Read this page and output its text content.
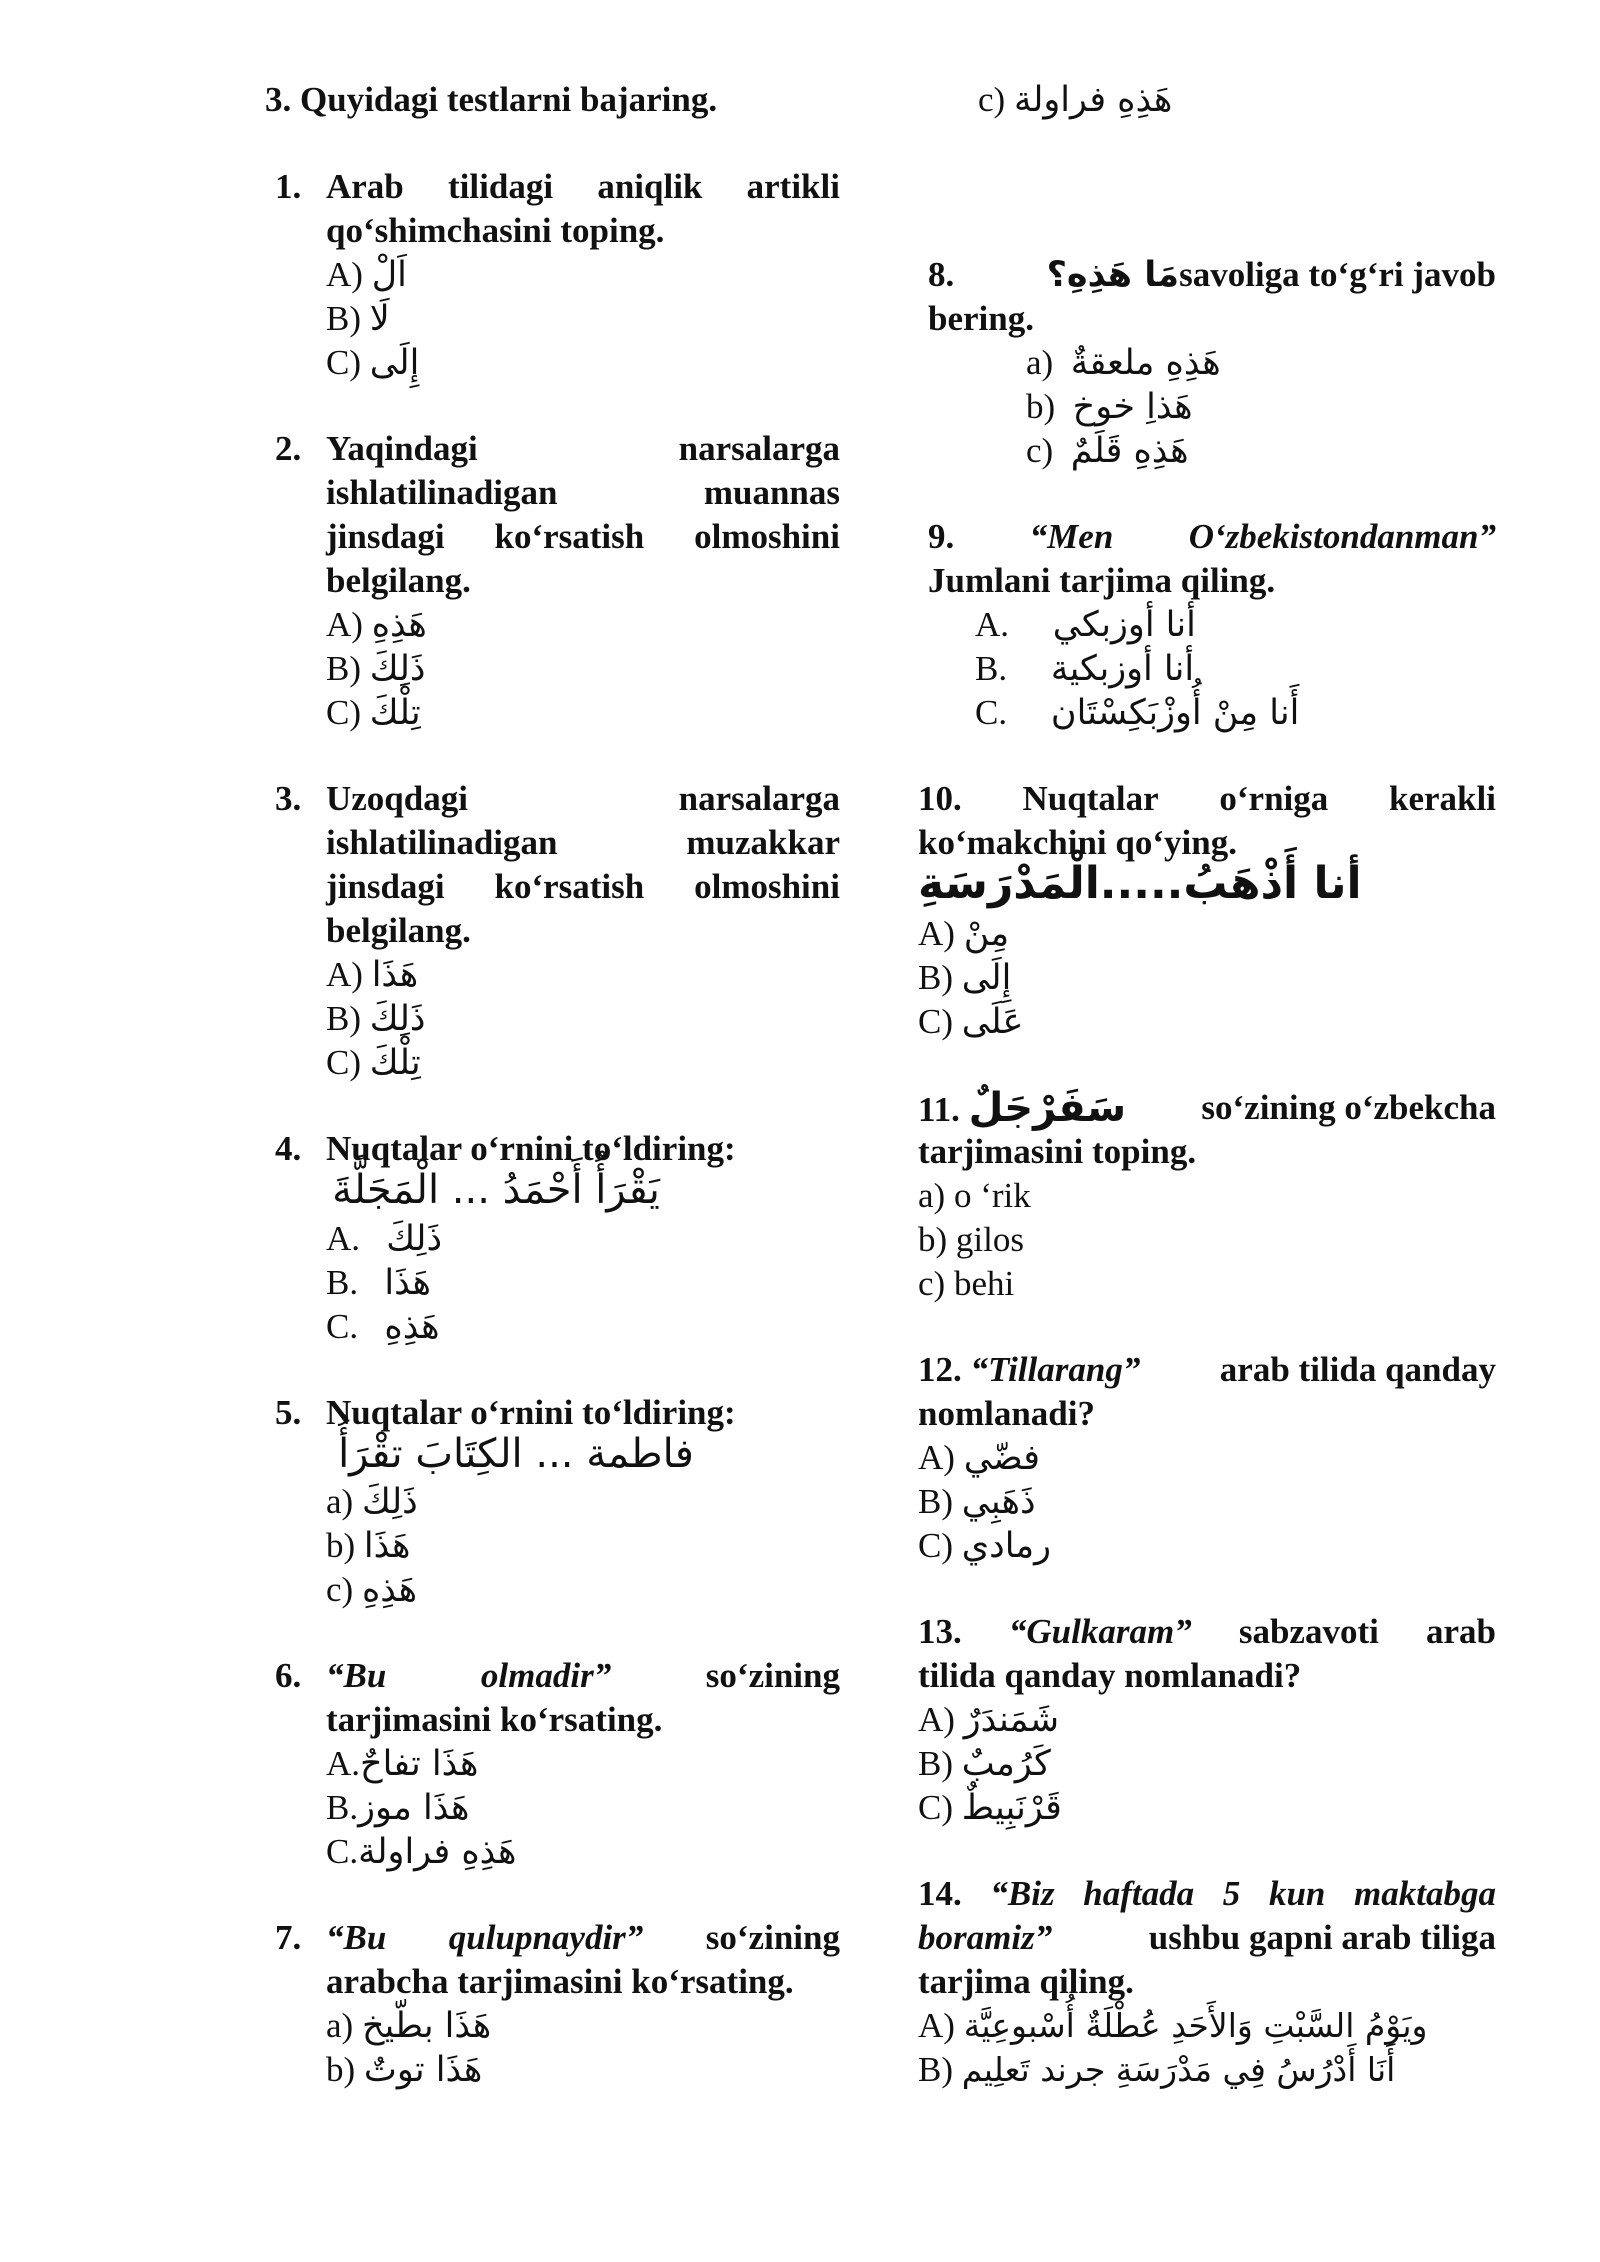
3. Quyidagi testlarni bajaring.
1. Arab tilidagi aniqlik artikli
qo‘shimchasini toping.
A) اَلْ
B) لَا
C) إِلَى
2. Yaqindagi	narsalarga
ishlatilinadigan	muannas
jinsdagi ko‘rsatish olmoshini
belgilang.
A) هَذِهِ
B) ذَلِكَ
C) تِلْكَ
3. Uzoqdagi	narsalarga
ishlatilinadigan	muzakkar
jinsdagi ko‘rsatish olmoshini
belgilang.
A) هَذَا
B) ذَلِكَ
C) تِلْكَ
4. Nuqtalar o‘rnini to‘ldiring:
يَقْرَأُ أَحْمَدُ ... الْمَجَلَّةَ
A. ذَلِكَ
B. هَذَا
C. هَذِهِ
5. Nuqtalar o‘rnini to‘ldiring:
فاطمة ... الكِتَابَ تقْرَأُ
a) ذَلِكَ
b) هَذَا
c) هَذِهِ
6. “Bu	olmadir”	so‘zining
tarjimasini ko‘rsating.
A.هَذَا تفاحٌ
B.هَذَا موز
C.هَذِهِ فراولة
7. “Bu qulupnaydir” so‘zining
arabcha tarjimasini ko‘rsating.
a) هَذَا بطّيخ
b) هَذَا توتٌ
c) هَذِهِ فراولة
8.	مَا هَذِهِ؟savoliga to‘g‘ri javob
bering.
a) هَذِهِ ملعقةٌ
b) هَذاِ خوخ
c) هَذِهِ قَلَمٌ
9. “Men O‘zbekistondanman”
Jumlani tarjima qiling.
A. أنا أوزبكي
B. أنا أوزبكية
C. أَنا مِنْ أُوزْبَكِسْتَان
10. Nuqtalar o‘rniga kerakli
ko‘makchini qo‘ying.
أنا أَذْهَبُ.....الْمَدْرَسَةِ
A) مِنْ
B) إِلَى
C) عَلَى
11. سَفَرْجَلٌ so‘zining o‘zbekcha
tarjimasini toping.
a) o ‘rik
b) gilos
c) behi
12. “Tillarang” arab tilida qanday
nomlanadi?
A) فضّي
B) ذَهَبِي
C) رمادي
13. “Gulkaram” sabzavoti arab
tilida qanday nomlanadi?
A) شَمَندَرٌ
B) كَرُمبٌ
C) قَرْنَبِيطٌ
14. “Biz haftada 5 kun maktabga
boramiz”	ushbu gapni arab tiliga
tarjima qiling.
A) ويَوْمُ السَّبْتِ وَالأَحَدِ عُطْلَةٌ أُسْبوعِيَّة
B) أَنَا أَدْرُسُ فِي مَدْرَسَةِ جرند تَعلِيم
